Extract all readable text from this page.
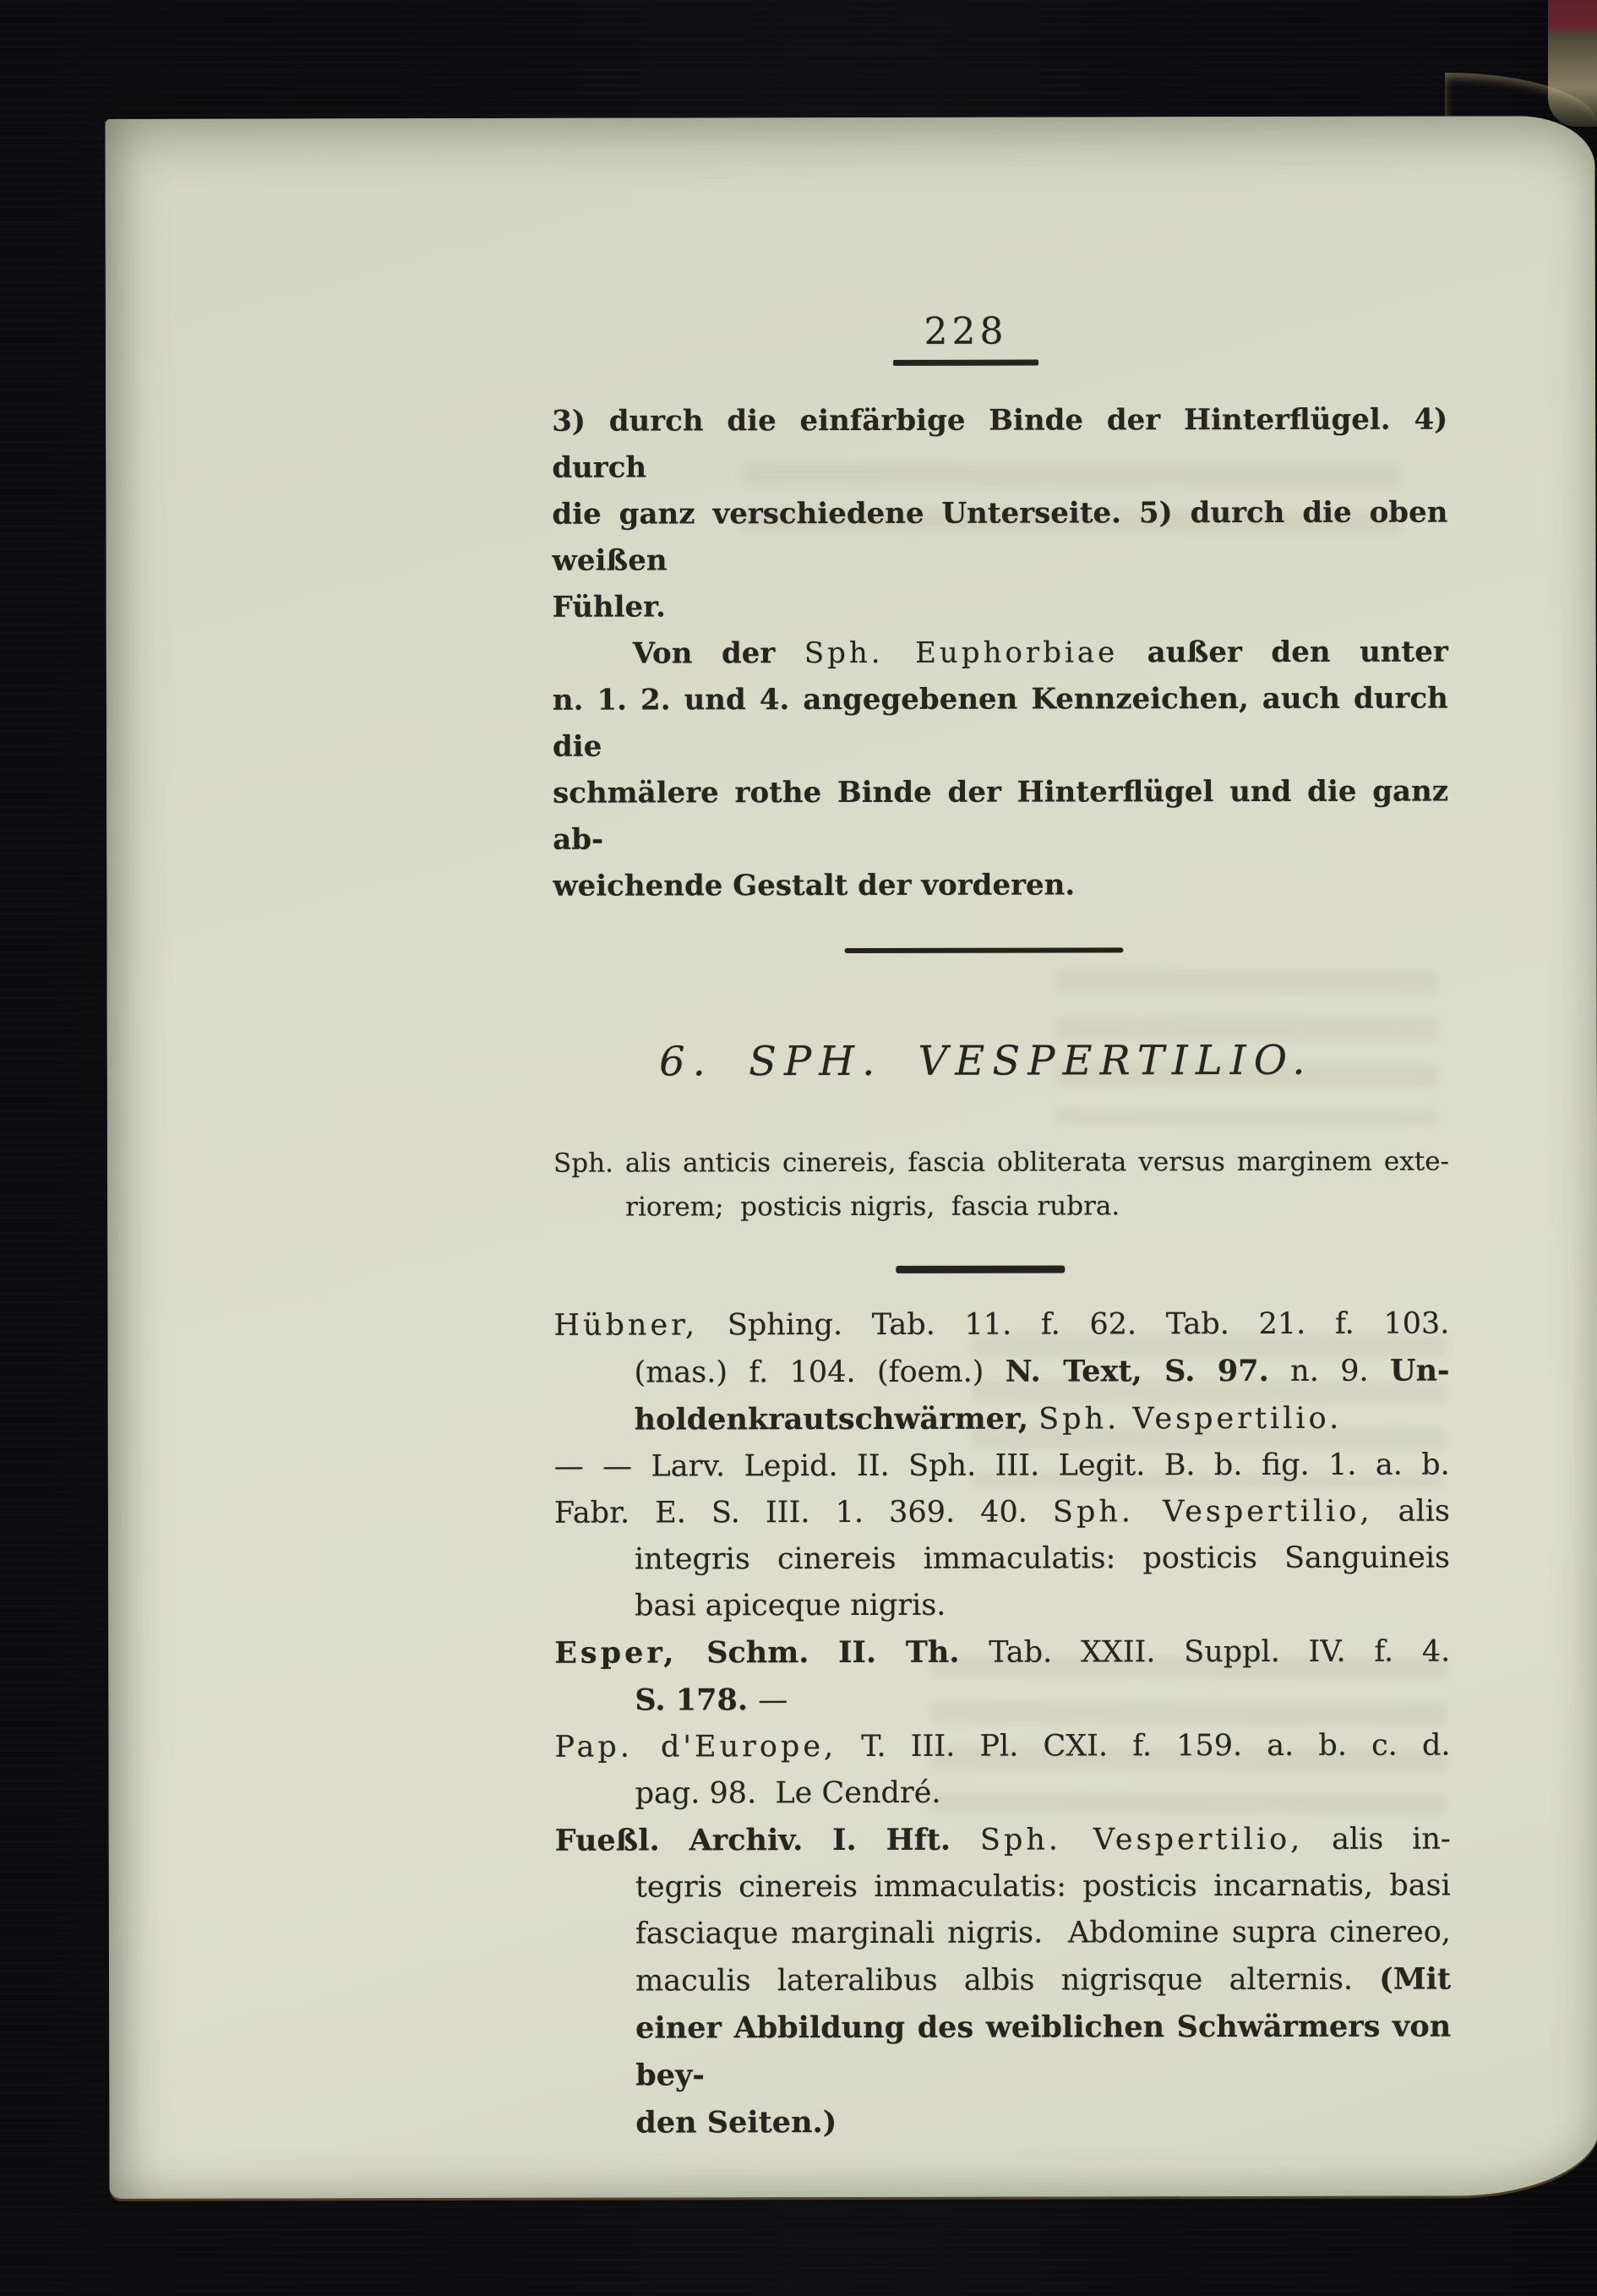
228
3) durch die einfärbige Binde der Hinterflügel. 4) durch
die ganz verschiedene Unterseite. 5) durch die oben weißen
Fühler.
Von der Sph. Euphorbiae außer den unter
n. 1. 2. und 4. angegebenen Kennzeichen, auch durch die
schmälere rothe Binde der Hinterflügel und die ganz ab-
weichende Gestalt der vorderen.
6. SPH. VESPERTILIO.
Sph. alis anticis cinereis, fascia obliterata versus marginem exte-
riorem;  posticis nigris,  fascia rubra.
Hübner, Sphing. Tab. 11. f. 62. Tab. 21. f. 103.
(mas.) f. 104. (foem.) N. Text, S. 97. n. 9. Un-
holdenkrautschwärmer, Sph. Vespertilio.
— — Larv. Lepid. II. Sph. III. Legit. B. b. fig. 1. a. b.
Fabr. E. S. III. 1. 369. 40. Sph. Vespertilio, alis
integris cinereis immaculatis: posticis Sanguineis
basi apiceque nigris.
Esper, Schm. II. Th. Tab. XXII. Suppl. IV. f. 4.
S. 178. —
Pap. d'Europe, T. III. Pl. CXI. f. 159. a. b. c. d.
pag. 98.  Le Cendré.
Fueßl. Archiv. I. Hft. Sph. Vespertilio, alis in-
tegris cinereis immaculatis: posticis incarnatis, basi
fasciaque marginali nigris.  Abdomine supra cinereo,
maculis lateralibus albis nigrisque alternis. (Mit
einer Abbildung des weiblichen Schwärmers von bey-
den Seiten.)
